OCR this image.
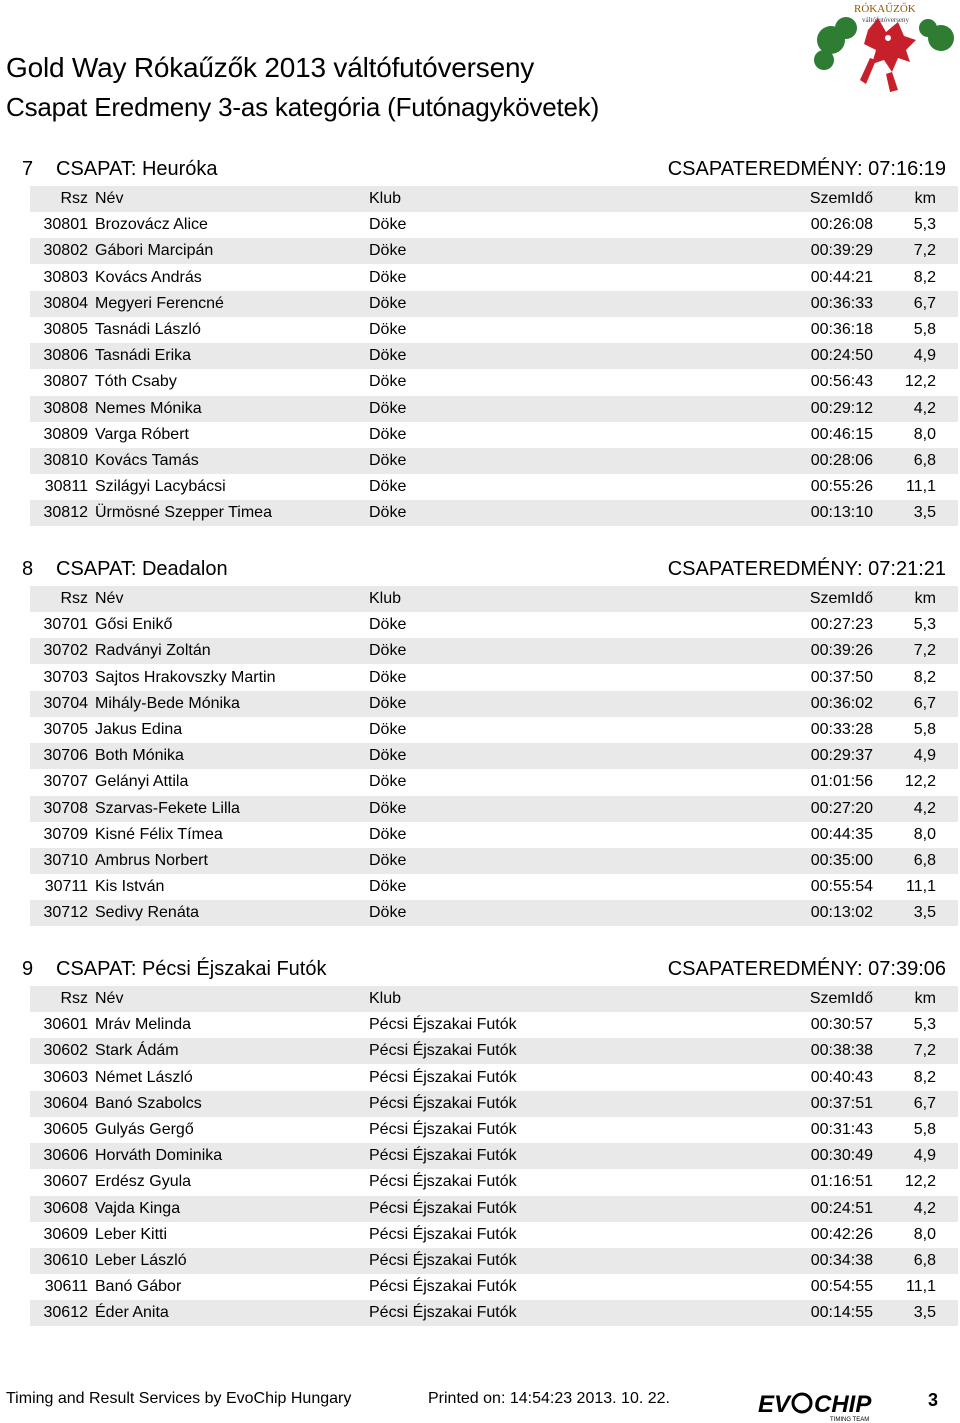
Gold Way Rókaűzők 2013 váltófutóverseny
Csapat Eredmeny 3-as kategória (Futónagykövetek)
RÓKAŰZŐK
váltófutóverseny
7 CSAPAT: Heuróka	CSAPATEREDMÉNY: 07:16:19
Rsz Név	Klub	SzemIdő	km
30801 Brozovácz Alice	Döke	00:26:08	5,3
30802 Gábori Marcipán	Döke	00:39:29	7,2
30803 Kovács András	Döke	00:44:21	8,2
30804 Megyeri Ferencné	Döke	00:36:33	6,7
30805 Tasnádi László	Döke	00:36:18	5,8
30806 Tasnádi Erika	Döke	00:24:50	4,9
30807 Tóth Csaby	Döke	00:56:43 12,2
30808 Nemes Mónika	Döke	00:29:12	4,2
30809 Varga Róbert	Döke	00:46:15	8,0
30810 Kovács Tamás	Döke	00:28:06	6,8
30811 Szilágyi Lacybácsi	Döke	00:55:26 11,1
30812 Ürmösné Szepper Timea	Döke	00:13:10	3,5
8 CSAPAT: Deadalon	CSAPATEREDMÉNY: 07:21:21
Rsz Név	Klub	SzemIdő	km
30701 Gősi Enikő	Döke	00:27:23	5,3
30702 Radványi Zoltán	Döke	00:39:26	7,2
30703 Sajtos Hrakovszky Martin	Döke	00:37:50	8,2
30704 Mihály-Bede Mónika	Döke	00:36:02	6,7
30705 Jakus Edina	Döke	00:33:28	5,8
30706 Both Mónika	Döke	00:29:37	4,9
30707 Gelányi Attila	Döke	01:01:56 12,2
30708 Szarvas-Fekete Lilla	Döke	00:27:20	4,2
30709 Kisné Félix Tímea	Döke	00:44:35	8,0
30710 Ambrus Norbert	Döke	00:35:00	6,8
30711 Kis István	Döke	00:55:54 11,1
30712 Sedivy Renáta	Döke	00:13:02	3,5
9 CSAPAT: Pécsi Éjszakai Futók	CSAPATEREDMÉNY: 07:39:06
Rsz Név	Klub	SzemIdő	km
30601 Mráv Melinda	Pécsi Éjszakai Futók	00:30:57	5,3
30602 Stark Ádám	Pécsi Éjszakai Futók	00:38:38	7,2
30603 Német László	Pécsi Éjszakai Futók	00:40:43	8,2
30604 Banó Szabolcs	Pécsi Éjszakai Futók	00:37:51	6,7
30605 Gulyás Gergő	Pécsi Éjszakai Futók	00:31:43	5,8
30606 Horváth Dominika	Pécsi Éjszakai Futók	00:30:49	4,9
30607 Erdész Gyula	Pécsi Éjszakai Futók	01:16:51 12,2
30608 Vajda Kinga	Pécsi Éjszakai Futók	00:24:51	4,2
30609 Leber Kitti	Pécsi Éjszakai Futók	00:42:26	8,0
30610 Leber László	Pécsi Éjszakai Futók	00:34:38	6,8
30611 Banó Gábor	Pécsi Éjszakai Futók	00:54:55 11,1
30612 Éder Anita	Pécsi Éjszakai Futók	00:14:55	3,5
Timing and Result Services by EvoChip Hungary	Printed on: 14:54:23 2013. 10. 22.	EV CHIP
TIMING TEAM
3
